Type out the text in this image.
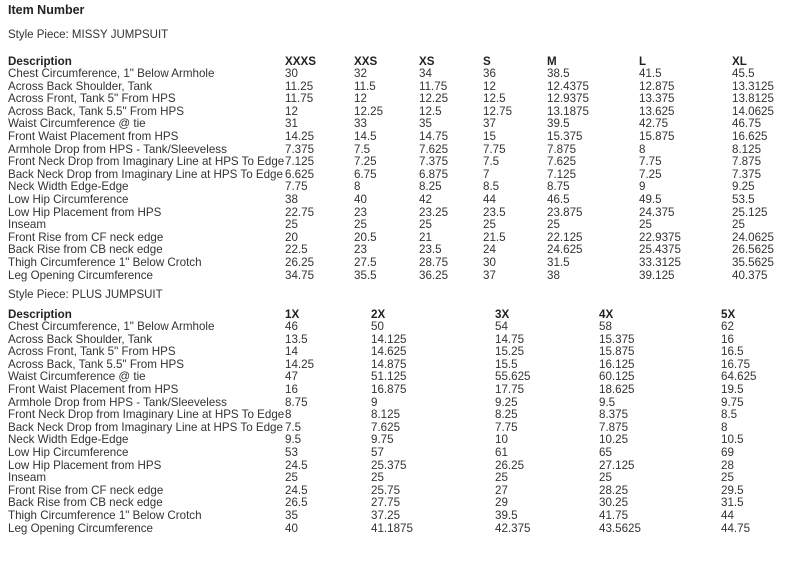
Item Number
Style Piece: MISSY JUMPSUIT
Description	XXXS	XXS	XS	S	M	L	XL
Chest Circumference, 1" Below Armhole	30	32	34	36	38.5	41.5	45.5
Across Back Shoulder, Tank	11.25	11.5	11.75	12	12.4375	12.875	13.3125
Across Front, Tank 5" From HPS	11.75	12	12.25	12.5	12.9375	13.375	13.8125
Across Back, Tank 5.5" From HPS	12	12.25	12.5	12.75	13.1875	13.625	14.0625
Waist Circumference @ tie	31	33	35	37	39.5	42.75	46.75
Front Waist Placement from HPS	14.25	14.5	14.75	15	15.375	15.875	16.625
Armhole Drop from HPS - Tank/Sleeveless	7.375	7.5	7.625	7.75	7.875	8	8.125
Front Neck Drop from Imaginary Line at HPS To Edge	7.125	7.25	7.375	7.5	7.625	7.75	7.875
Back Neck Drop from Imaginary Line at HPS To Edge	6.625	6.75	6.875	7	7.125	7.25	7.375
Neck Width Edge-Edge	7.75	8	8.25	8.5	8.75	9	9.25
Low Hip Circumference	38	40	42	44	46.5	49.5	53.5
Low Hip Placement from HPS	22.75	23	23.25	23.5	23.875	24.375	25.125
Inseam	25	25	25	25	25	25	25
Front Rise from CF neck edge	20	20.5	21	21.5	22.125	22.9375	24.0625
Back Rise from CB neck edge	22.5	23	23.5	24	24.625	25.4375	26.5625
Thigh Circumference 1" Below Crotch	26.25	27.5	28.75	30	31.5	33.3125	35.5625
Leg Opening Circumference	34.75	35.5	36.25	37	38	39.125	40.375
Style Piece: PLUS JUMPSUIT
Description	1X	2X	3X	4X	5X
Chest Circumference, 1" Below Armhole	46	50	54	58	62
Across Back Shoulder, Tank	13.5	14.125	14.75	15.375	16
Across Front, Tank 5" From HPS	14	14.625	15.25	15.875	16.5
Across Back, Tank 5.5" From HPS	14.25	14.875	15.5	16.125	16.75
Waist Circumference @ tie	47	51.125	55.625	60.125	64.625
Front Waist Placement from HPS	16	16.875	17.75	18.625	19.5
Armhole Drop from HPS - Tank/Sleeveless	8.75	9	9.25	9.5	9.75
Front Neck Drop from Imaginary Line at HPS To Edge	8	8.125	8.25	8.375	8.5
Back Neck Drop from Imaginary Line at HPS To Edge	7.5	7.625	7.75	7.875	8
Neck Width Edge-Edge	9.5	9.75	10	10.25	10.5
Low Hip Circumference	53	57	61	65	69
Low Hip Placement from HPS	24.5	25.375	26.25	27.125	28
Inseam	25	25	25	25	25
Front Rise from CF neck edge	24.5	25.75	27	28.25	29.5
Back Rise from CB neck edge	26.5	27.75	29	30.25	31.5
Thigh Circumference 1" Below Crotch	35	37.25	39.5	41.75	44
Leg Opening Circumference	40	41.1875	42.375	43.5625	44.75
